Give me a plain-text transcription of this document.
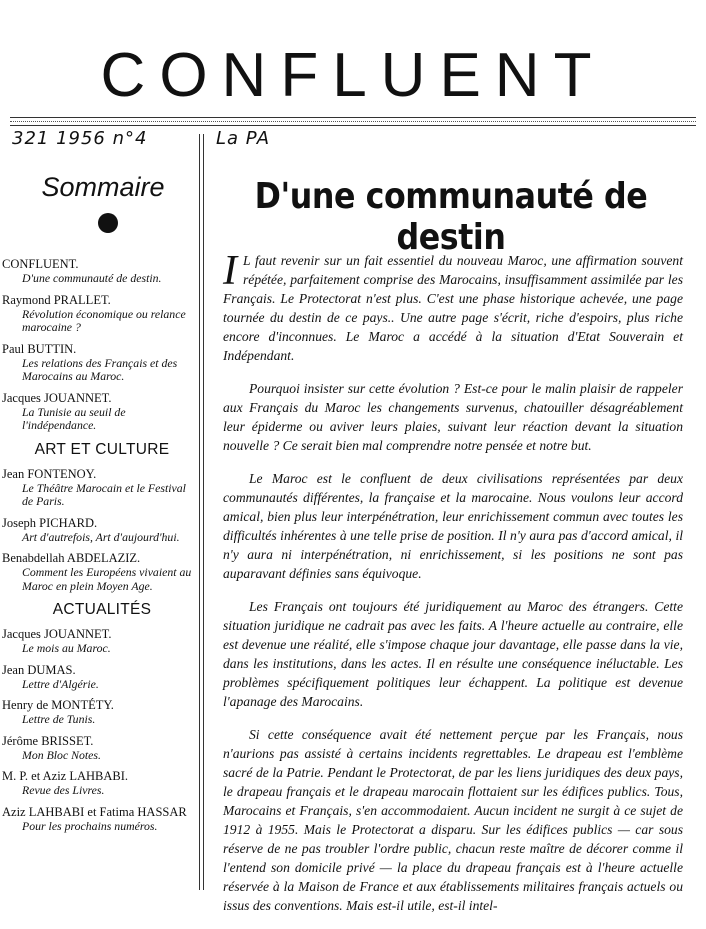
CONFLUENT
321 1956 n°4	La PA
Sommaire
CONFLUENT.
D'une communauté de destin.
Raymond PRALLET.
Révolution économique ou relance marocaine ?
Paul BUTTIN.
Les relations des Français et des Marocains au Maroc.
Jacques JOUANNET.
La Tunisie au seuil de l'indépendance.
ART ET CULTURE
Jean FONTENOY.
Le Théâtre Marocain et le Festival de Paris.
Joseph PICHARD.
Art d'autrefois, Art d'aujourd'hui.
Benabdellah ABDELAZIZ.
Comment les Européens vivaient au Maroc en plein Moyen Age.
ACTUALITÉS
Jacques JOUANNET.
Le mois au Maroc.
Jean DUMAS.
Lettre d'Algérie.
Henry de MONTÉTY.
Lettre de Tunis.
Jérôme BRISSET.
Mon Bloc Notes.
M. P. et Aziz LAHBABI.
Revue des Livres.
Aziz LAHBABI et Fatima HASSAR
Pour les prochains numéros.
D'une communauté de destin

I L faut revenir sur un fait essentiel du nouveau Maroc, une affirmation souvent répétée, parfaitement comprise des Marocains, insuffisamment assimilée par les Français. Le Protectorat n'est plus. C'est une phase historique achevée, une page tournée du destin de ce pays.. Une autre page s'écrit, riche d'espoirs, plus riche encore d'inconnues. Le Maroc a accédé à la situation d'Etat Souverain et Indépendant.

Pourquoi insister sur cette évolution ? Est-ce pour le malin plaisir de rappeler aux Français du Maroc les changements survenus, chatouiller désagréablement leur épiderme ou aviver leurs plaies, suivant leur réaction devant la situation nouvelle ? Ce serait bien mal comprendre notre pensée et notre but.

Le Maroc est le confluent de deux civilisations représentées par deux communautés différentes, la française et la marocaine. Nous voulons leur accord amical, bien plus leur interpénétration, leur enrichissement commun avec toutes les difficultés inhérentes à une telle prise de position. Il n'y aura pas d'accord amical, il n'y aura ni interpénétration, ni enrichissement, si les positions ne sont pas auparavant définies sans équivoque.

Les Français ont toujours été juridiquement au Maroc des étrangers. Cette situation juridique ne cadrait pas avec les faits. A l'heure actuelle au contraire, elle est devenue une réalité, elle s'impose chaque jour davantage, elle passe dans la vie, dans les institutions, dans les actes. Il en résulte une conséquence inéluctable. Les problèmes spécifiquement politiques leur échappent. La politique est devenue l'apanage des Marocains.

Si cette conséquence avait été nettement perçue par les Français, nous n'aurions pas assisté à certains incidents regrettables. Le drapeau est l'emblème sacré de la Patrie. Pendant le Protectorat, de par les liens juridiques des deux pays, le drapeau français et le drapeau marocain flottaient sur les édifices publics. Tous, Marocains et Français, s'en accommodaient. Aucun incident ne surgit à ce sujet de 1912 à 1955. Mais le Protectorat a disparu. Sur les édifices publics — car sous réserve de ne pas troubler l'ordre public, chacun reste maître de décorer comme il l'entend son domicile privé — la place du drapeau français est à l'heure actuelle réservée à la Maison de France et aux établissements militaires français actuels ou issus des conventions. Mais est-il utile, est-il intel-
